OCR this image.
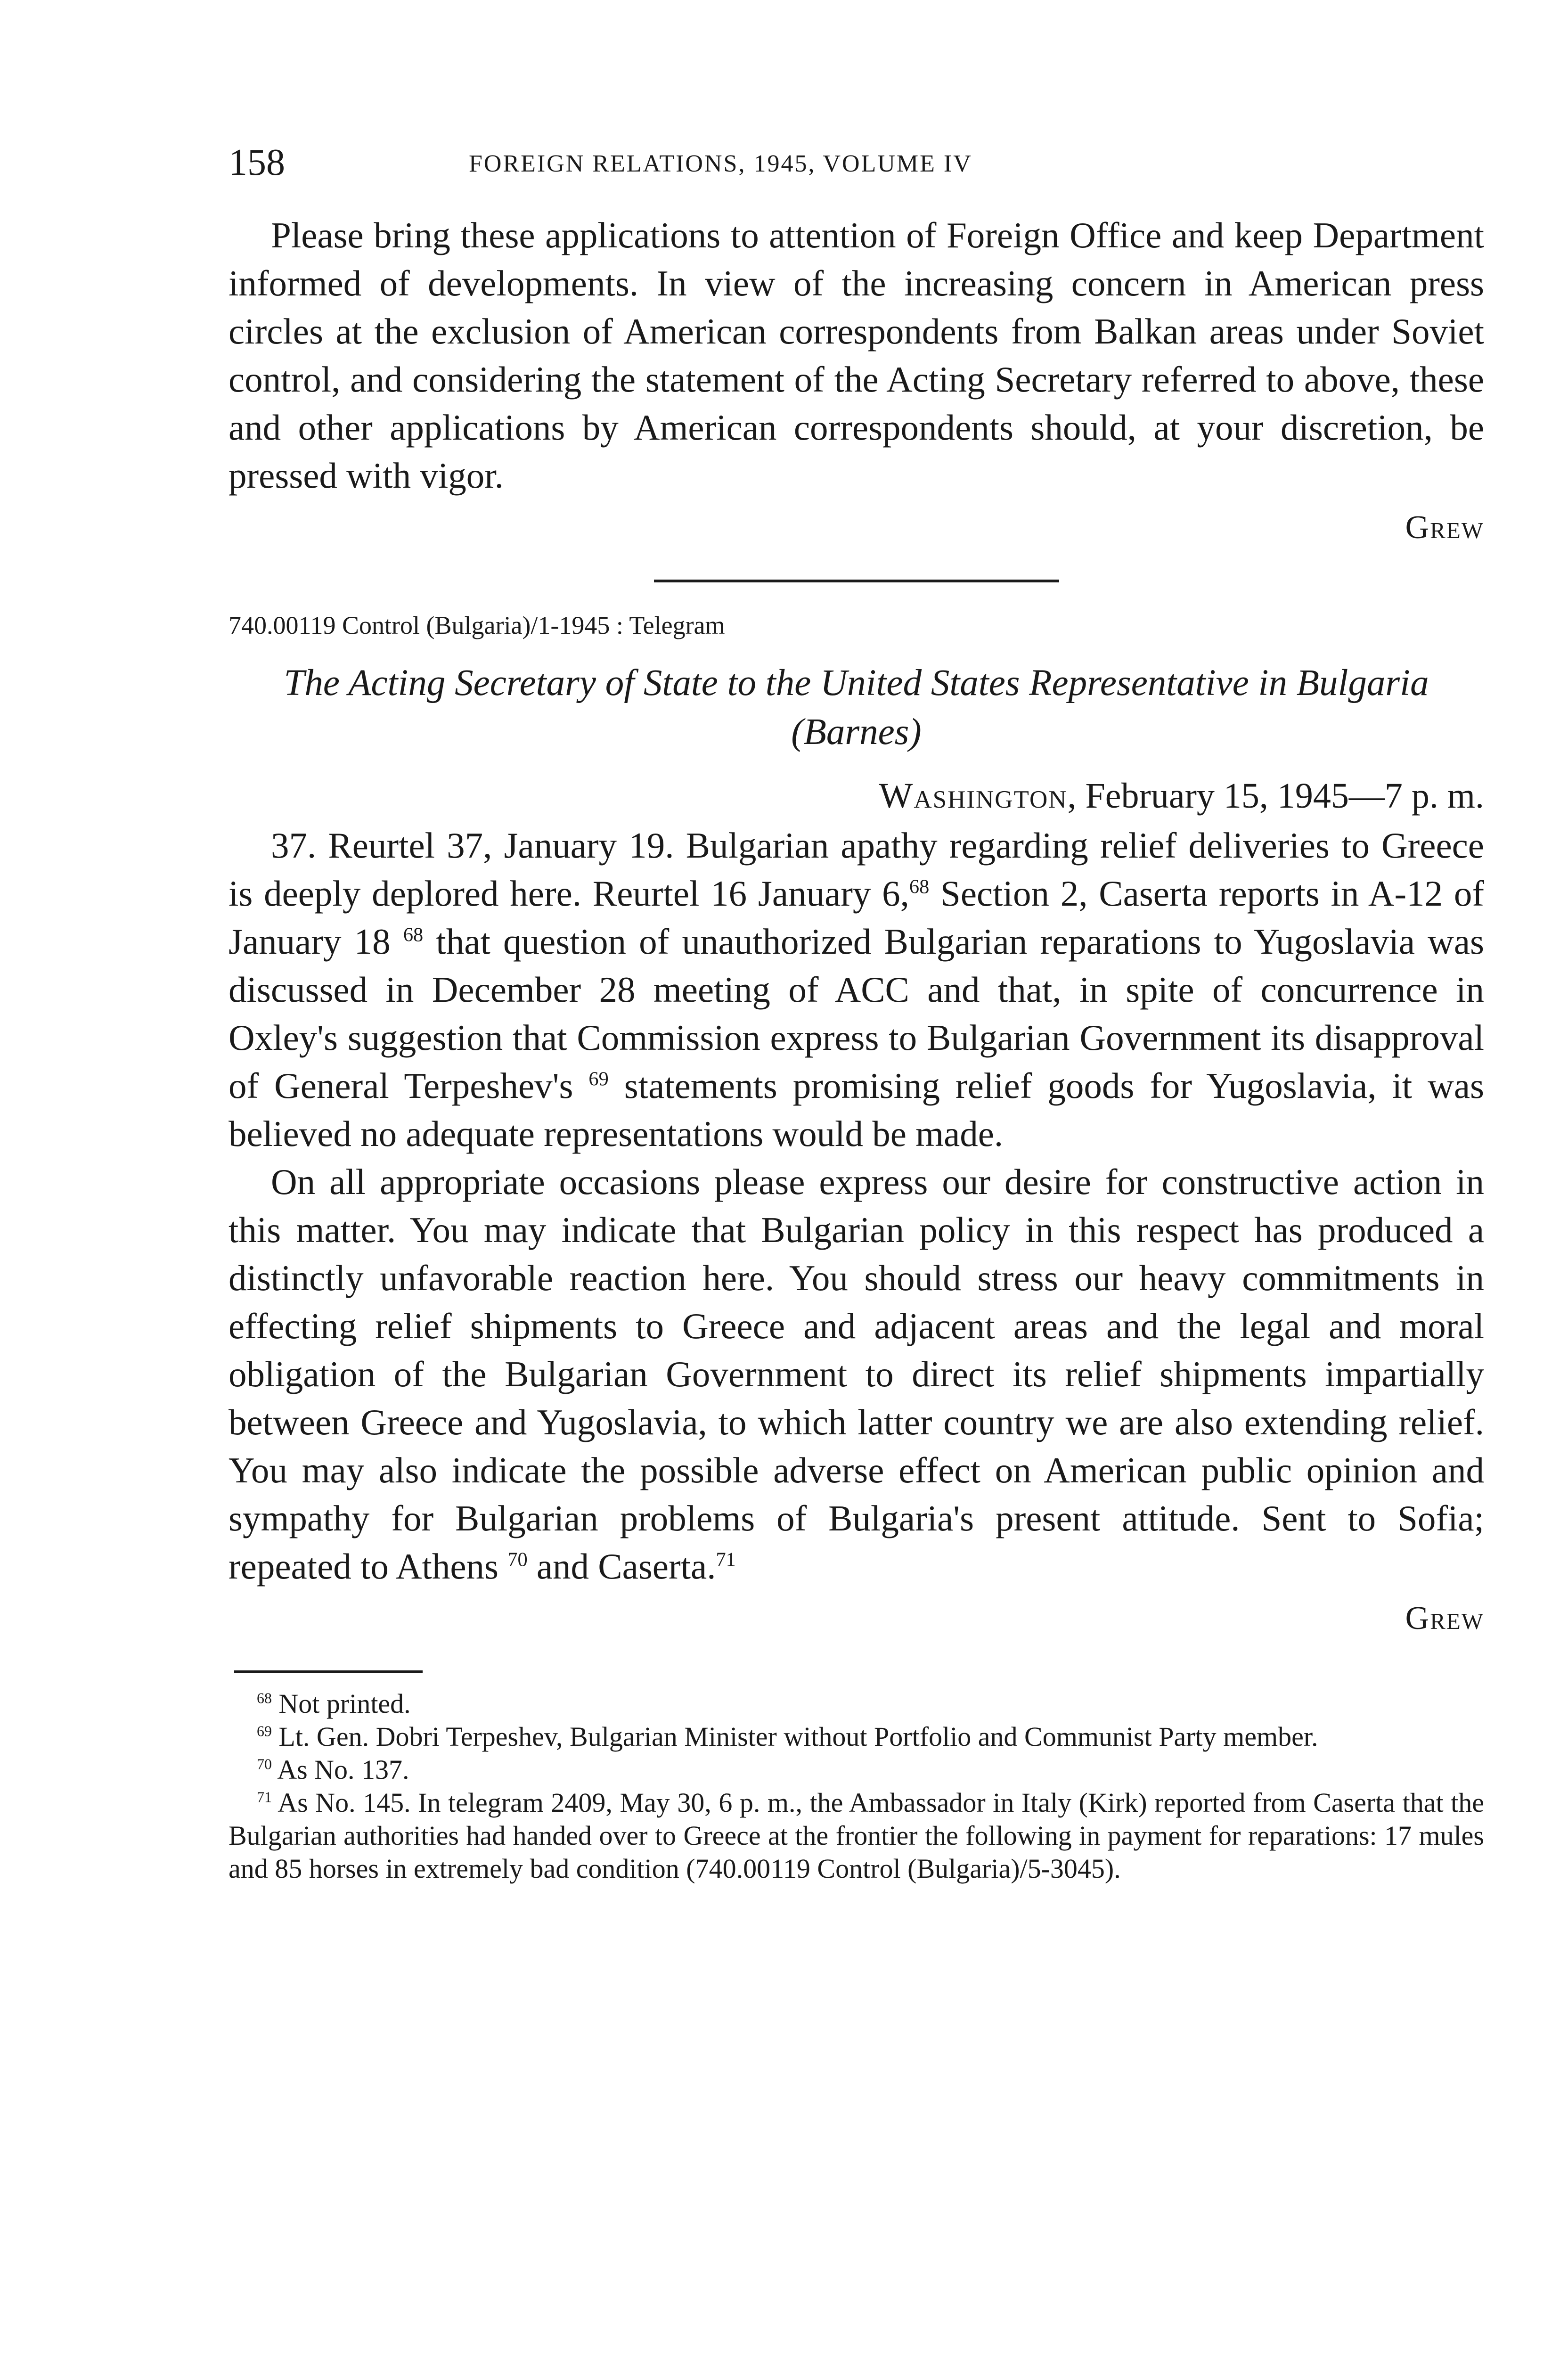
158	FOREIGN RELATIONS, 1945, VOLUME IV

Please bring these applications to attention of Foreign Office and keep Department informed of developments. In view of the increasing concern in American press circles at the exclusion of American correspondents from Balkan areas under Soviet control, and considering the statement of the Acting Secretary referred to above, these and other applications by American correspondents should, at your discretion, be pressed with vigor.

Grew

740.00119 Control (Bulgaria)/1-1945 : Telegram

The Acting Secretary of State to the United States Representative in Bulgaria (Barnes)

Washington, February 15, 1945—7 p. m.

37. Reurtel 37, January 19. Bulgarian apathy regarding relief deliveries to Greece is deeply deplored here. Reurtel 16 January 6,68 Section 2, Caserta reports in A-12 of January 18 $^{68}$ that question of unauthorized Bulgarian reparations to Yugoslavia was discussed in December 28 meeting of ACC and that, in spite of concurrence in Oxley's suggestion that Commission express to Bulgarian Government its disapproval of General Terpeshev's $^{69}$ statements promising relief goods for Yugoslavia, it was believed no adequate representations would be made.

On all appropriate occasions please express our desire for constructive action in this matter. You may indicate that Bulgarian policy in this respect has produced a distinctly unfavorable reaction here. You should stress our heavy commitments in effecting relief shipments to Greece and adjacent areas and the legal and moral obligation of the Bulgarian Government to direct its relief shipments impartially between Greece and Yugoslavia, to which latter country we are also extending relief. You may also indicate the possible adverse effect on American public opinion and sympathy for Bulgarian problems of Bulgaria's present attitude. Sent to Sofia; repeated to Athens $^{70}$ and Caserta.$^{71}$

Grew

$^{68}$ Not printed.

$^{69}$ Lt. Gen. Dobri Terpeshev, Bulgarian Minister without Portfolio and Communist Party member.

$^{70}$ As No. 137.

$^{71}$ As No. 145. In telegram 2409, May 30, 6 p. m., the Ambassador in Italy (Kirk) reported from Caserta that the Bulgarian authorities had handed over to Greece at the frontier the following in payment for reparations: 17 mules and 85 horses in extremely bad condition (740.00119 Control (Bulgaria)/5-3045).
